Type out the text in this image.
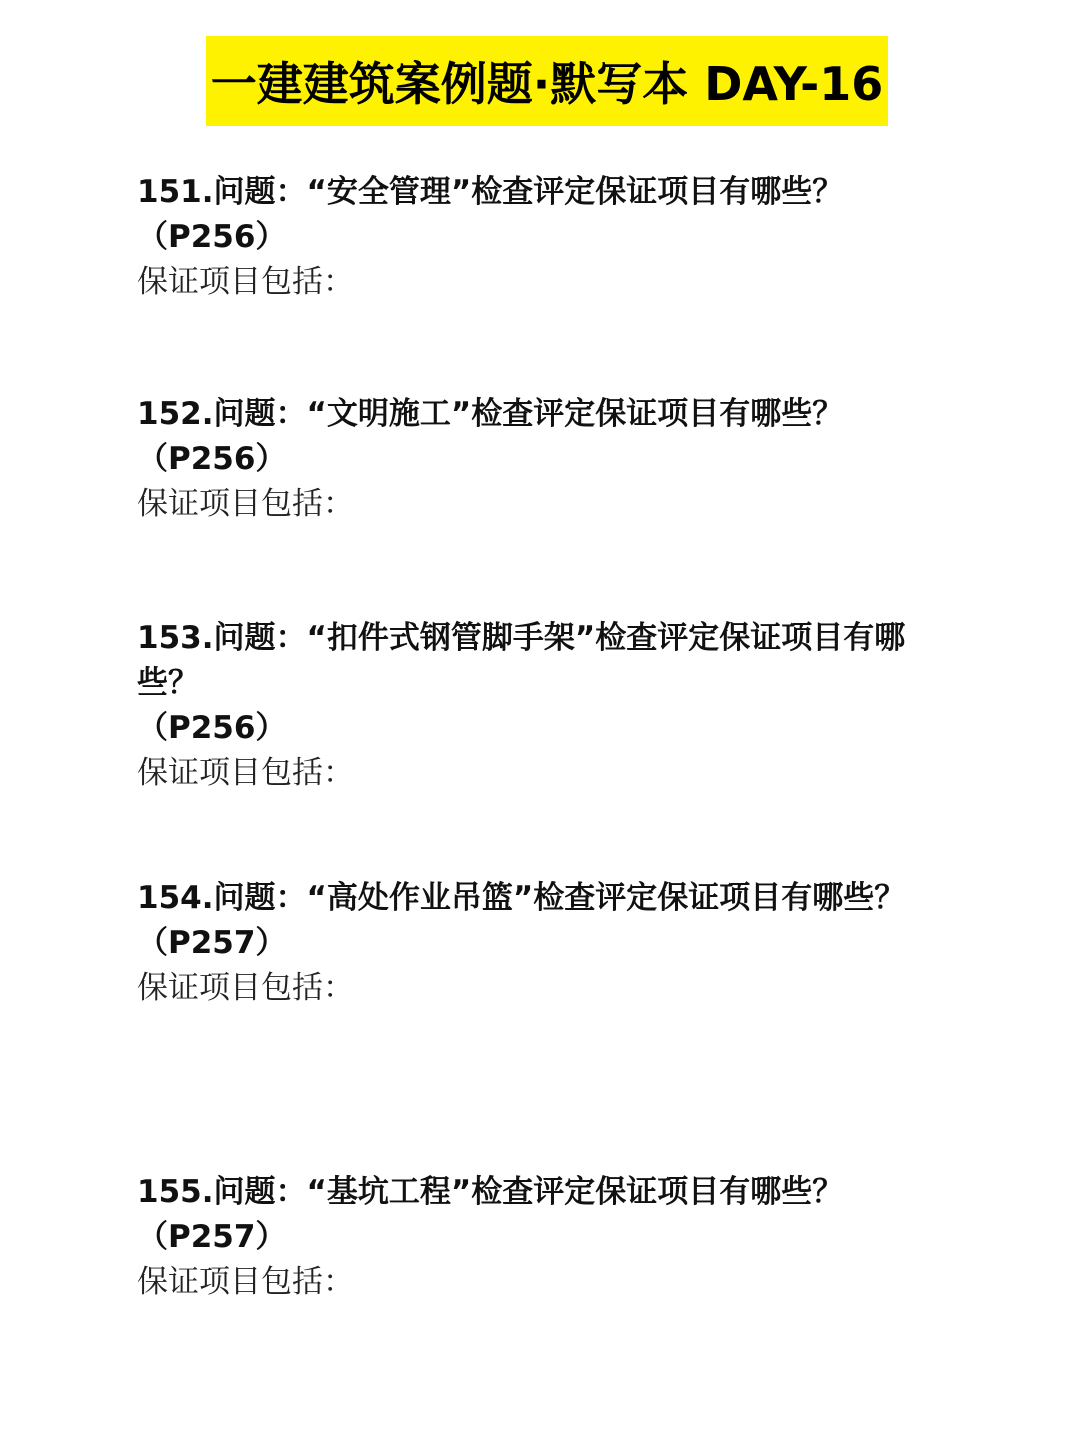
一建建筑案例题·默写本 DAY-16

151.问题：“安全管理”检查评定保证项目有哪些？（P256）

保证项目包括：

152.问题：“文明施工”检查评定保证项目有哪些？（P256）

保证项目包括：

153.问题：“扣件式钢管脚手架”检查评定保证项目有哪些？
（P256）

保证项目包括：

154.问题：“高处作业吊篮”检查评定保证项目有哪些？
（P257）

保证项目包括：

155.问题：“基坑工程”检查评定保证项目有哪些？（P257）

保证项目包括：
